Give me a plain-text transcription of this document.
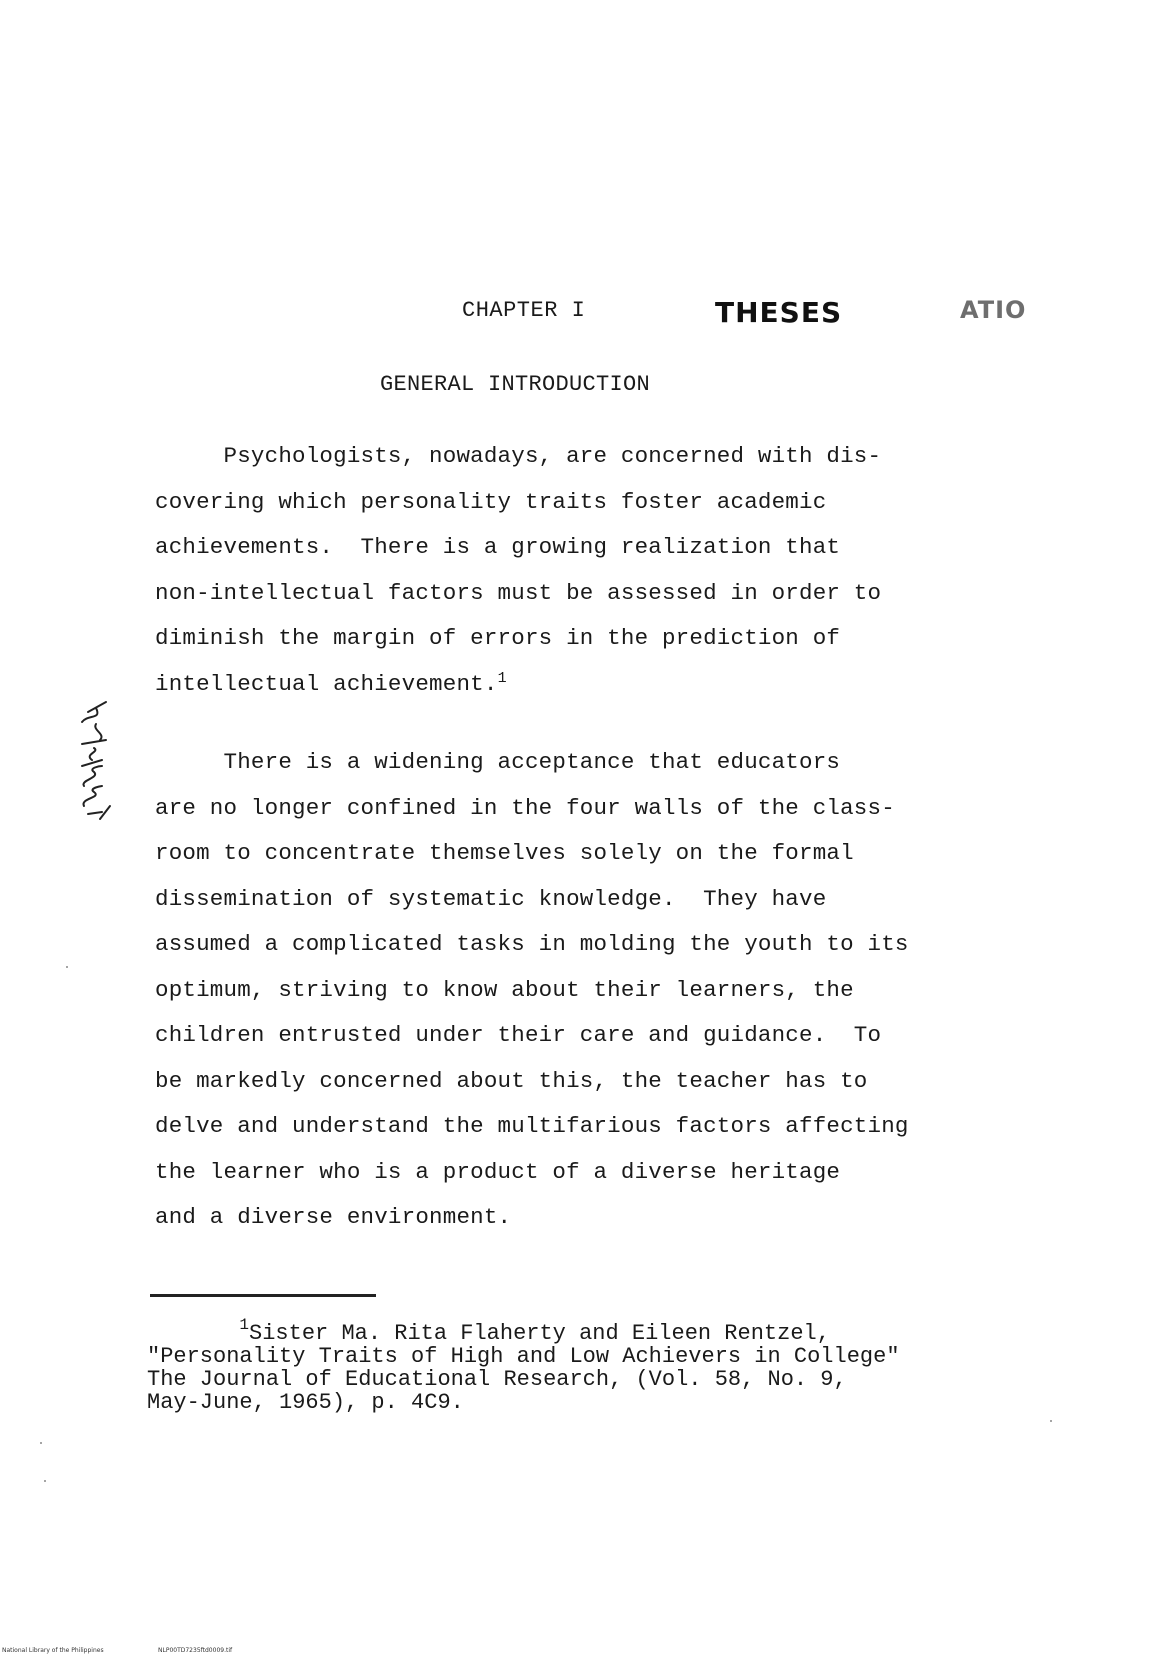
CHAPTER I	THESES	ATIO
GENERAL INTRODUCTION
Psychologists, nowadays, are concerned with dis-
covering which personality traits foster academic
achievements.  There is a growing realization that
non-intellectual factors must be assessed in order to
diminish the margin of errors in the prediction of
intellectual achievement.$^1$
There is a widening acceptance that educators
are no longer confined in the four walls of the class-
room to concentrate themselves solely on the formal
dissemination of systematic knowledge.  They have
assumed a complicated tasks in molding the youth to its
optimum, striving to know about their learners, the
children entrusted under their care and guidance.  To
be markedly concerned about this, the teacher has to
delve and understand the multifarious factors affecting
the learner who is a product of a diverse heritage
and a diverse environment.
$^1$Sister Ma. Rita Flaherty and Eileen Rentzel,
"Personality Traits of High and Low Achievers in College"
The Journal of Educational Research, (Vol. 58, No. 9,
May-June, 1965), p. 4C9.
National Library of the Philippines	NLP00TD7235ftd0009.tif
